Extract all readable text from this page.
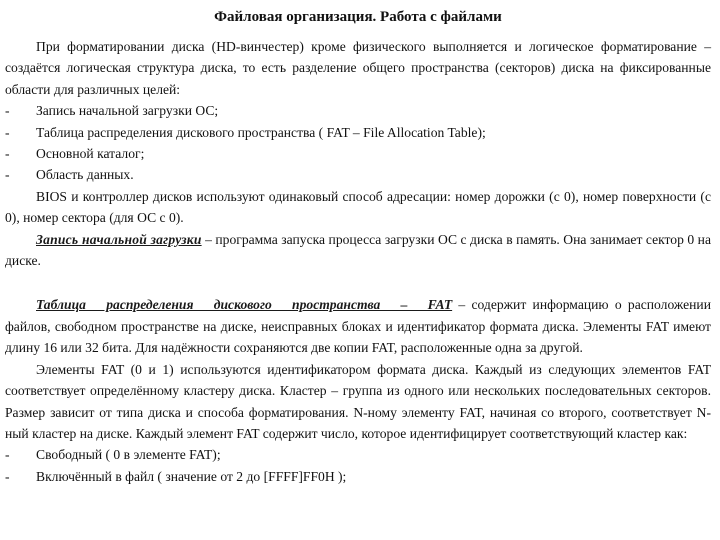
Файловая организация. Работа с файлами

При форматировании диска (HD-винчестер) кроме физического выполняется и логическое форматирование – создаётся логическая структура диска, то есть разделение общего пространства (секторов) диска на фиксированные области для различных целей:

-	Запись начальной загрузки ОС;
-	Таблица распределения дискового пространства ( FAT – File Allocation Table);
-	Основной каталог;
-	Область данных.

BIOS и контроллер дисков используют одинаковый способ адресации: номер дорожки (с 0), номер поверхности (с 0), номер сектора (для ОС с 0).

Запись начальной загрузки – программа запуска процесса загрузки ОС с диска в память. Она занимает сектор 0 на диске.

Таблица распределения дискового пространства – FAT – содержит информацию о расположении файлов, свободном пространстве на диске, неисправных блоках и идентификатор формата диска. Элементы FAT имеют длину 16 или 32 бита. Для надёжности сохраняются две копии FAT, расположенные одна за другой.

Элементы FAT (0 и 1) используются идентификатором формата диска. Каждый из следующих элементов FAT соответствует определённому кластеру диска. Кластер – группа из одного или нескольких последовательных секторов. Размер зависит от типа диска и способа форматирования. N-ному элементу FAT, начиная со второго, соответствует N-ный кластер на диске. Каждый элемент FAT содержит число, которое идентифицирует соответствующий кластер как:

-	Свободный ( 0 в элементе FAT);
-	Включённый в файл ( значение от 2 до [FFFF]FF0H );
